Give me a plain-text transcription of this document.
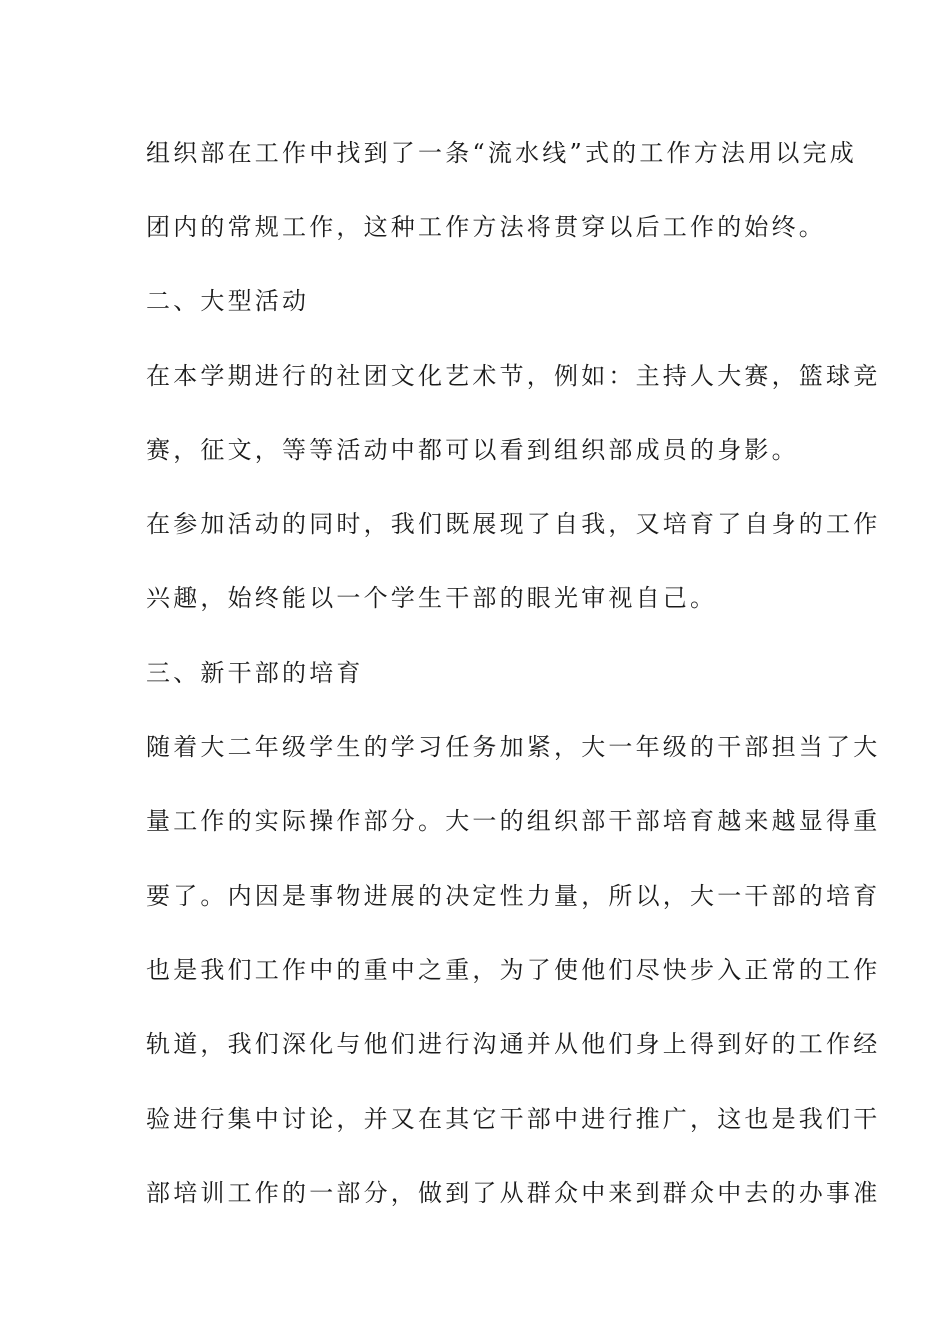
组织部在工作中找到了一条“流水线”式的工作方法用以完成
团内的常规工作，这种工作方法将贯穿以后工作的始终。
二、大型活动
在本学期进行的社团文化艺术节，例如：主持人大赛，篮球竞
赛，征文，等等活动中都可以看到组织部成员的身影。
在参加活动的同时，我们既展现了自我，又培育了自身的工作
兴趣，始终能以一个学生干部的眼光审视自己。
三、新干部的培育
随着大二年级学生的学习任务加紧，大一年级的干部担当了大
量工作的实际操作部分。大一的组织部干部培育越来越显得重
要了。内因是事物进展的决定性力量，所以，大一干部的培育
也是我们工作中的重中之重，为了使他们尽快步入正常的工作
轨道，我们深化与他们进行沟通并从他们身上得到好的工作经
验进行集中讨论，并又在其它干部中进行推广，这也是我们干
部培训工作的一部分，做到了从群众中来到群众中去的办事准
